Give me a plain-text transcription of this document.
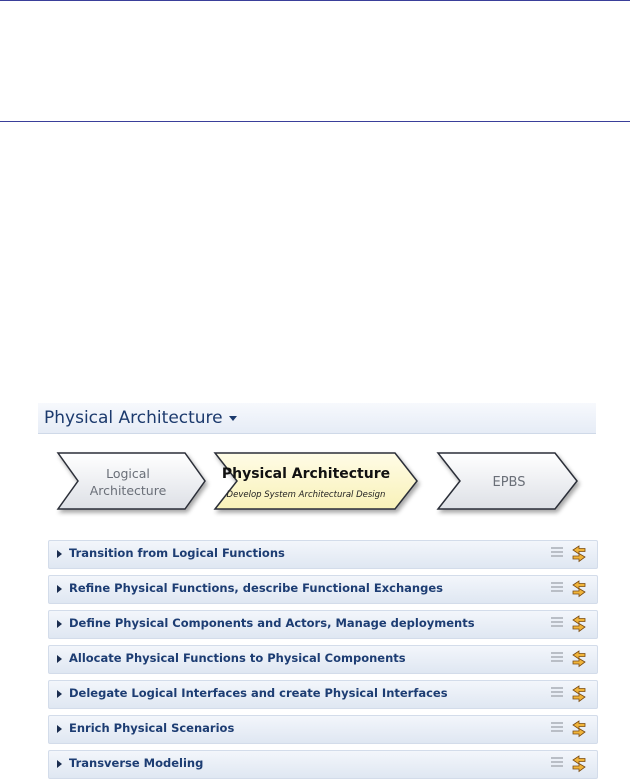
Physical Architecture
Logical
Architecture
Physical Architecture
Develop System Architectural Design
EPBS
Transition from Logical Functions
Refine Physical Functions, describe Functional Exchanges
Define Physical Components and Actors, Manage deployments
Allocate Physical Functions to Physical Components
Delegate Logical Interfaces and create Physical Interfaces
Enrich Physical Scenarios
Transverse Modeling
